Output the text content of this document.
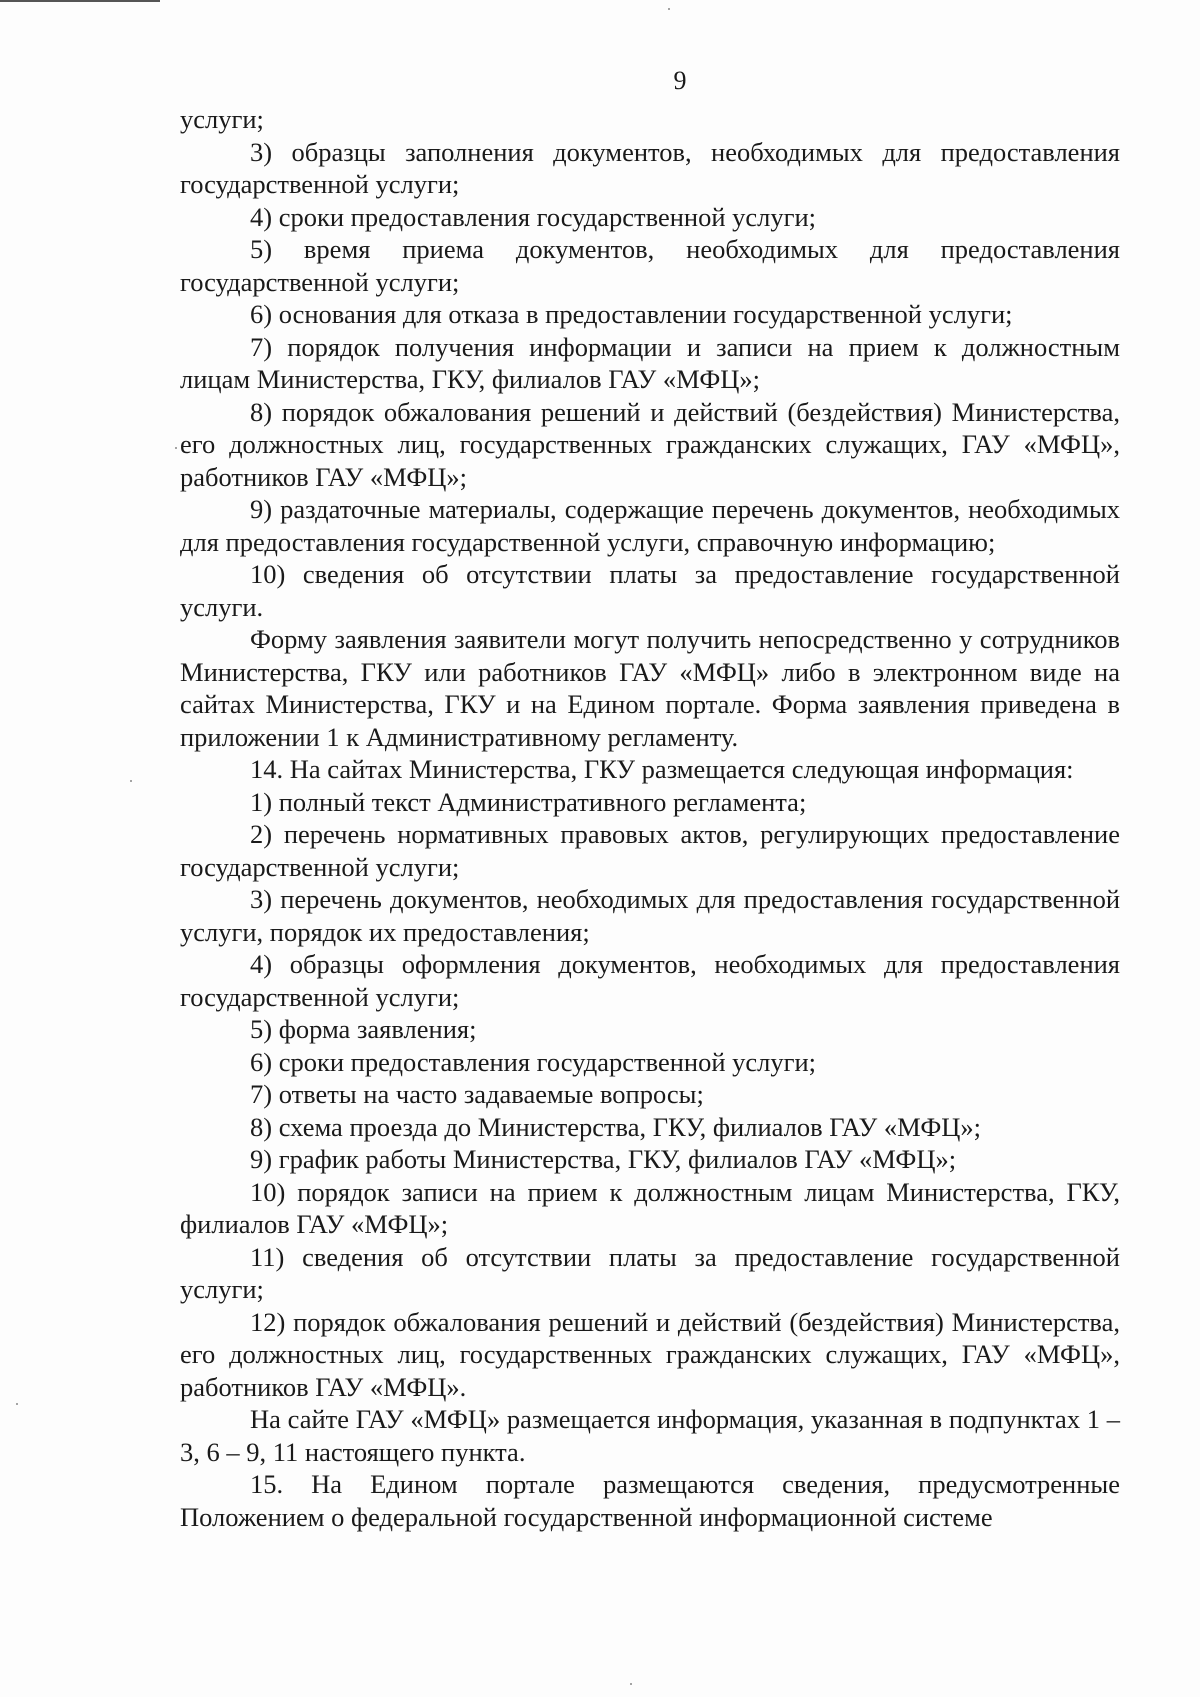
9

услуги;

3) образцы заполнения документов, необходимых для предоставления государственной услуги;

4) сроки предоставления государственной услуги;

5) время приема документов, необходимых для предоставления государственной услуги;

6) основания для отказа в предоставлении государственной услуги;

7) порядок получения информации и записи на прием к должностным лицам Министерства, ГКУ, филиалов ГАУ «МФЦ»;

8) порядок обжалования решений и действий (бездействия) Министерства, его должностных лиц, государственных гражданских служащих, ГАУ «МФЦ», работников ГАУ «МФЦ»;

9) раздаточные материалы, содержащие перечень документов, необходимых для предоставления государственной услуги, справочную информацию;

10) сведения об отсутствии платы за предоставление государственной услуги.

Форму заявления заявители могут получить непосредственно у сотрудников Министерства, ГКУ или работников ГАУ «МФЦ» либо в электронном виде на сайтах Министерства, ГКУ и на Едином портале. Форма заявления приведена в приложении 1 к Административному регламенту.

14. На сайтах Министерства, ГКУ размещается следующая информация:

1) полный текст Административного регламента;

2) перечень нормативных правовых актов, регулирующих предоставление государственной услуги;

3) перечень документов, необходимых для предоставления государственной услуги, порядок их предоставления;

4) образцы оформления документов, необходимых для предоставления государственной услуги;

5) форма заявления;

6) сроки предоставления государственной услуги;

7) ответы на часто задаваемые вопросы;

8) схема проезда до Министерства, ГКУ, филиалов ГАУ «МФЦ»;

9) график работы Министерства, ГКУ, филиалов ГАУ «МФЦ»;

10) порядок записи на прием к должностным лицам Министерства, ГКУ, филиалов ГАУ «МФЦ»;

11) сведения об отсутствии платы за предоставление государственной услуги;

12) порядок обжалования решений и действий (бездействия) Министерства, его должностных лиц, государственных гражданских служащих, ГАУ «МФЦ», работников ГАУ «МФЦ».

На сайте ГАУ «МФЦ» размещается информация, указанная в подпунктах 1 – 3, 6 – 9, 11 настоящего пункта.

15. На Едином портале размещаются сведения, предусмотренные Положением о федеральной государственной информационной системе
